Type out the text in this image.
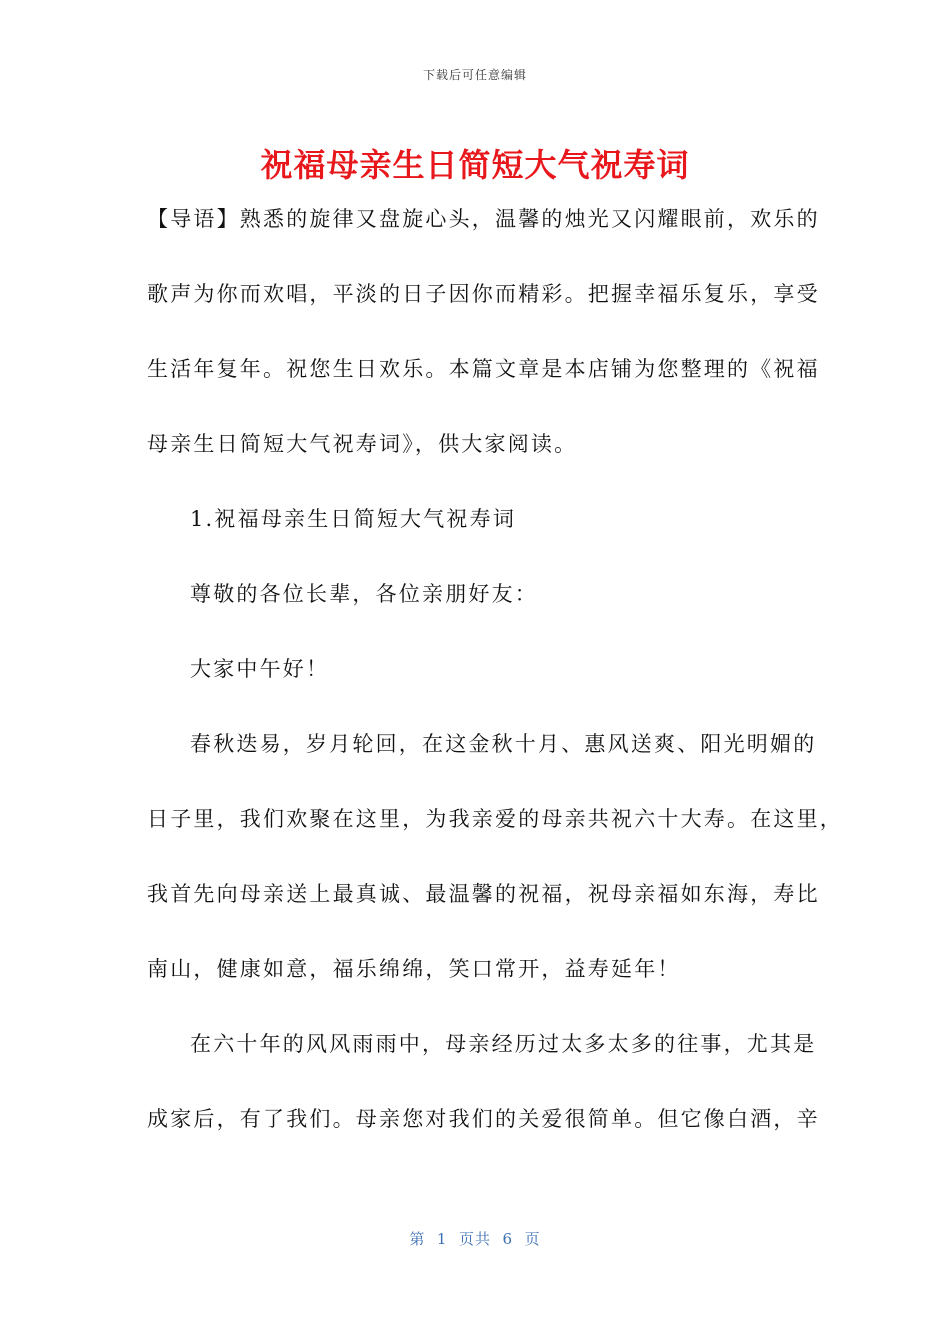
下载后可任意编辑
祝福母亲生日简短大气祝寿词
【导语】熟悉的旋律又盘旋心头，温馨的烛光又闪耀眼前，欢乐的
歌声为你而欢唱，平淡的日子因你而精彩。把握幸福乐复乐，享受
生活年复年。祝您生日欢乐。本篇文章是本店铺为您整理的《祝福
母亲生日简短大气祝寿词》，供大家阅读。
1.祝福母亲生日简短大气祝寿词
尊敬的各位长辈，各位亲朋好友：
大家中午好！
春秋迭易，岁月轮回，在这金秋十月、惠风送爽、阳光明媚的
日子里，我们欢聚在这里，为我亲爱的母亲共祝六十大寿。在这里，
我首先向母亲送上最真诚、最温馨的祝福，祝母亲福如东海，寿比
南山，健康如意，福乐绵绵，笑口常开，益寿延年！
在六十年的风风雨雨中，母亲经历过太多太多的往事，尤其是
成家后，有了我们。母亲您对我们的关爱很简单。但它像白酒，辛
第  1  页共  6  页
